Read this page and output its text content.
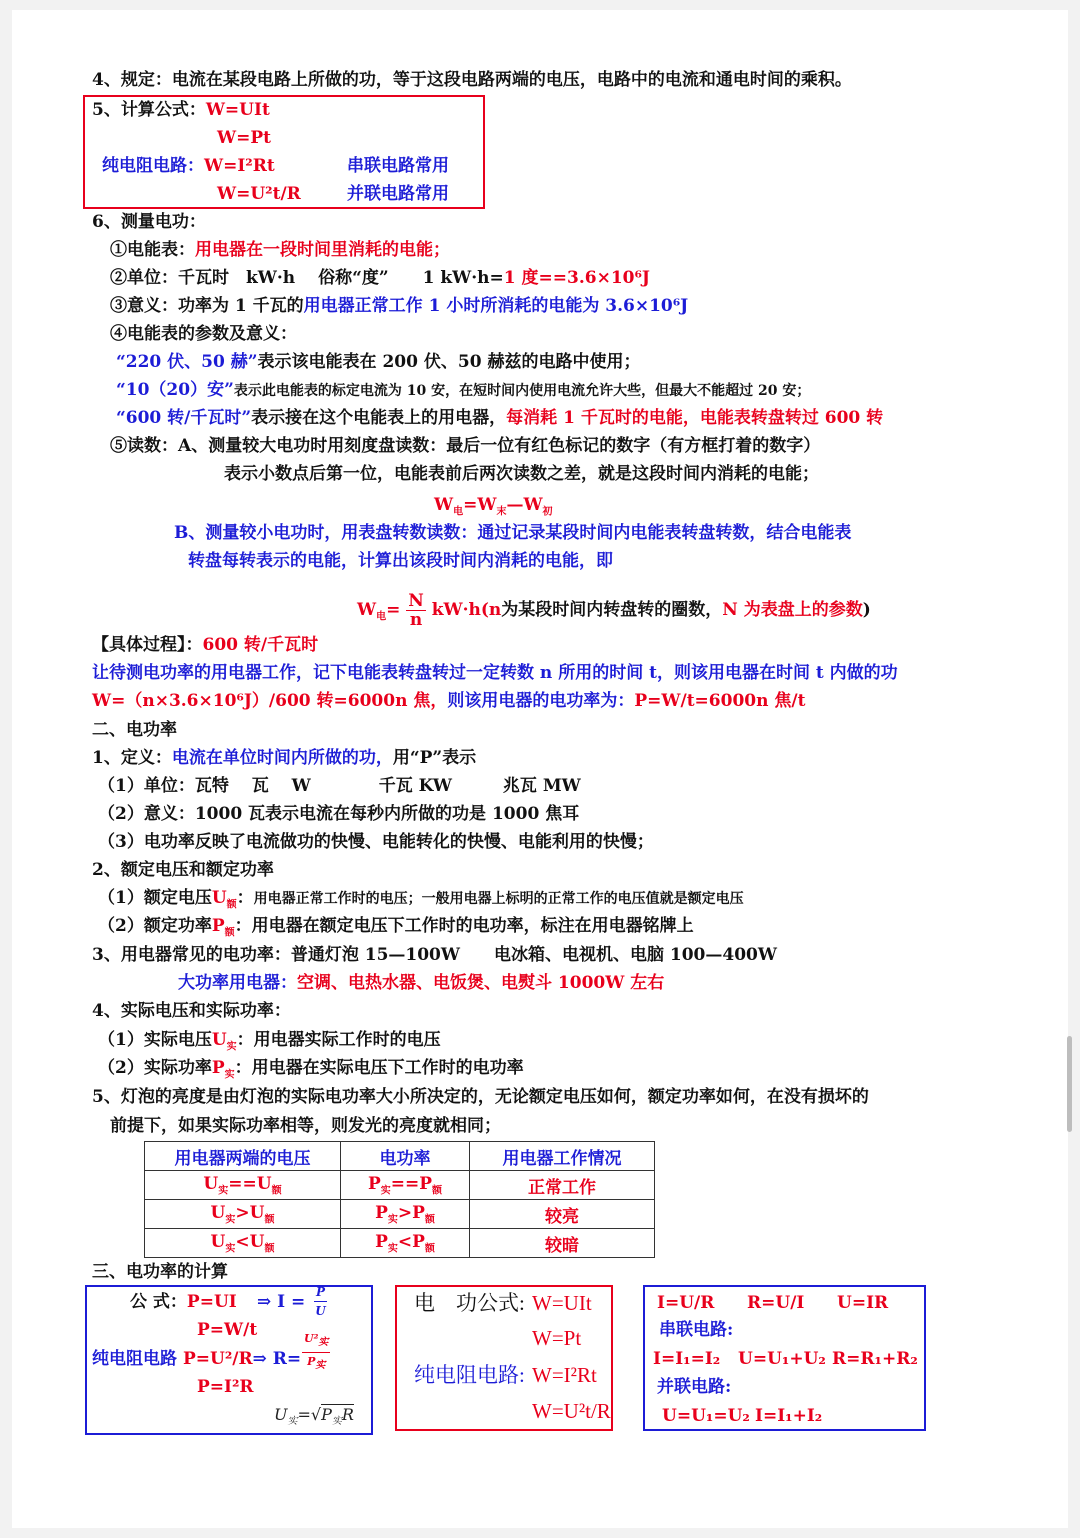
4、规定：电流在某段电路上所做的功，等于这段电路两端的电压，电路中的电流和通电时间的乘积。
5、计算公式：W=UIt
W=Pt
纯电阻电路：W=I²Rt	串联电路常用
W=U²t/R	并联电路常用
6、测量电功：
①电能表：用电器在一段时间里消耗的电能；
②单位：千瓦时　kW·h　 俗称“度”　　1 kW·h=1 度==3.6×10⁶J
③意义：功率为 1 千瓦的用电器正常工作 1 小时所消耗的电能为 3.6×10⁶J
④电能表的参数及意义：
“220 伏、50 赫”表示该电能表在 200 伏、50 赫兹的电路中使用；
“10（20）安”表示此电能表的标定电流为 10 安，在短时间内使用电流允许大些，但最大不能超过 20 安；
“600 转/千瓦时”表示接在这个电能表上的用电器，每消耗 1 千瓦时的电能，电能表转盘转过 600 转
⑤读数：A、测量较大电功时用刻度盘读数：最后一位有红色标记的数字（有方框打着的数字）
表示小数点后第一位，电能表前后两次读数之差，就是这段时间内消耗的电能；
$W_电=W_末—W_初$
B、测量较小电功时，用表盘转数读数：通过记录某段时间内电能表转盘转数，结合电能表
转盘每转表示的电能，计算出该段时间内消耗的电能，即
$W_电= \frac{N}{n} kW\cdot h(n$为某段时间内转盘转的圈数，N 为表盘上的参数)
【具体过程】：600 转/千瓦时
让待测电功率的用电器工作，记下电能表转盘转过一定转数 n 所用的时间 t，则该用电器在时间 t 内做的功
W=（n×3.6×10⁶J）/600 转=6000n 焦，则该用电器的电功率为：P=W/t=6000n 焦/t
二、电功率
1、定义：电流在单位时间内所做的功，用“P”表示
（1）单位：瓦特　 瓦　 W　　　　千瓦 KW　　　兆瓦 MW
（2）意义：1000 瓦表示电流在每秒内所做的功是 1000 焦耳
（3）电功率反映了电流做功的快慢、电能转化的快慢、电能利用的快慢；
2、额定电压和额定功率
（1）额定电压$U_额$：用电器正常工作时的电压；一般用电器上标明的正常工作的电压值就是额定电压
（2）额定功率$P_额$：用电器在额定电压下工作时的电功率，标注在用电器铭牌上
3、用电器常见的电功率：普通灯泡 15—100W　　电冰箱、电视机、电脑 100—400W
大功率用电器：空调、电热水器、电饭煲、电熨斗 1000W 左右
4、实际电压和实际功率：
（1）实际电压$U_实$：用电器实际工作时的电压
（2）实际功率$P_实$：用电器在实际电压下工作时的电功率
5、灯泡的亮度是由灯泡的实际电功率大小所决定的，无论额定电压如何，额定功率如何，在没有损坏的
前提下，如果实际功率相等，则发光的亮度就相同；
用电器两端的电压	电功率	用电器工作情况
$U_实==U_额$	$P_实==P_额$	正常工作
$U_实>U_额$	$P_实>P_额$	较亮
$U_实<U_额$	$P_实<P_额$	较暗
三、电功率的计算
公 式：P=UI ⇒ $I = \frac{P}{U}$
P=W/t
纯电阻电路 P=U²/R⇒ R=
$U^2_实$
$P_实$
P=I²R
$U_实=√P_实R$
电　功公式: W=UIt
W=Pt
纯电阻电路: W=I²Rt
W=U²t/R
I=U/R R=U/I U=IR
串联电路:
I=I₁=I₂ U=U₁+U₂ R=R₁+R₂
并联电路:
U=U₁=U₂ I=I₁+I₂
